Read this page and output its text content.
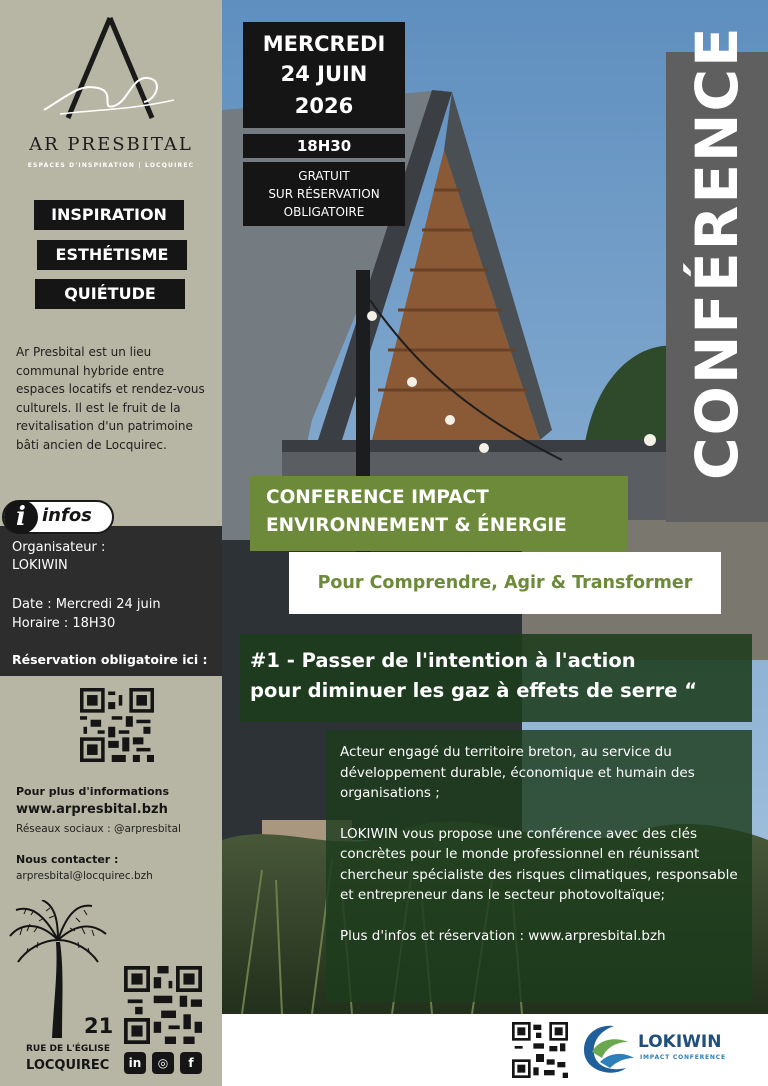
AR PRESBITAL
ESPACES D'INSPIRATION | LOCQUIREC
INSPIRATION
ESTHÉTISME
QUIÉTUDE
Ar Presbital est un lieu communal hybride entre espaces locatifs et rendez-vous culturels. Il est le fruit de la revitalisation d'un patrimoine bâti ancien de Locquirec.
i infos
Organisateur :
LOKIWIN
Date : Mercredi 24 juin
Horaire : 18H30
Réservation obligatoire ici :
Pour plus d'informations
www.arpresbital.bzh
Réseaux sociaux : @arpresbital
Nous contacter :
arpresbital@locquirec.bzh
21
RUE DE L'ÉGLISE
LOCQUIREC	in	◎	f
MERCREDI
24 JUIN
2026
18H30
GRATUIT
SUR RÉSERVATION
OBLIGATOIRE	CONFÉRENCE
CONFERENCE IMPACT
ENVIRONNEMENT & ÉNERGIE
Pour Comprendre, Agir & Transformer
#1 - Passer de l'intention à l'action
pour diminuer les gaz à effets de serre “

Acteur engagé du territoire breton, au service du développement durable, économique et humain des organisations ;

LOKIWIN vous propose une conférence avec des clés concrètes pour le monde professionnel en réunissant chercheur spécialiste des risques climatiques, responsable et entrepreneur dans le secteur photovoltaïque;

Plus d'infos et réservation : www.arpresbital.bzh

LOKIWIN
IMPACT CONFERENCE
